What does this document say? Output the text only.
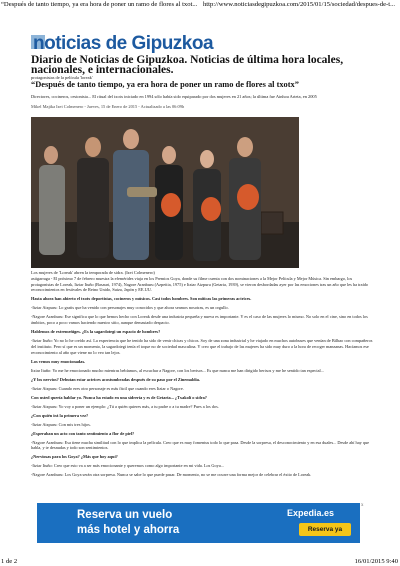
“Después de tanto tiempo, ya era hora de poner un ramo de flores al txot... http://www.noticiasdegipuzkoa.com/2015/01/15/sociedad/despues-de-t...
noticias de Gipuzkoa
Diario de Noticias de Gipuzkoa. Noticias de última hora locales, nacionales, e internacionales.
protagonistas de la película 'loreak'
“Después de tanto tiempo, ya era hora de poner un ramo de flores al txotx”
Directores, cocineros, cestonista... El ritual del txotx iniciado en 1994 sólo había sido equiparado por dos mujeres en 21 años; la última fue Ainhoa Arteta, en 2005
Mikel Majika Izei Colmenero - Jueves, 15 de Enero de 2015 - Actualizado a las 06:09h
Los mujeres de 'Loreak' abren la temporada de sidra. (Izei Colmenero)

astigarraga - El próximo 7 de febrero muestra la efemérides viaja en los Premios Goya, donde su filme cuenta con dos nominaciones a la Mejor Película y Mejor Música. Sin embargo, los protagonistas de Loreak, Itziar Ituño (Basauri, 1974), Nagore Aranburu (Azpeitia, 1975) e Itziar Aizpuru (Getaria, 1939), se vieron desbordadas ayer por las emociones tras un año que les ha traído reconocimientos en festivales de Reino Unido, Suiza, Japón y EE.UU.

Hasta ahora han abierto el txotx deportistas, cocineros y músicos. Casi todos hombres. Son míticas las primeras actrices.

-Itziar Aizpuru: Lo gratis que ha venido con personajes muy conocidos y que ahora seamos nosotras, es un orgullo.

-Nagore Aranburu: Ese significa que lo que hemos hecho con Loreak desde una industria pequeña y nueva es importante. Y es el caso de las mujeres lo mismo. No solo en el cine, sino en todos los ámbitos, poco a poco vamos haciendo nuestro sitio, aunque demasiado despacio.

Hablemos de extremeñiges. ¿Es la sagardotegi un espacio de hombres?

-Itziar Ituño: Yo no lo he creído así. La experiencia que he tenido ha sido de venir chicas y chicos. Soy de una zona industrial y he viajado en muchos autobuses que venían de Bilbao con compañeros del instituto. Pero sí que es un momento, la sagardotegi tenía el toque no de sociedad masculina. Y creo que el trabajo de las mujeres ha sido muy duro a la hora de recoger manzanas. Hacíamos ese reconocimiento al año que viene no lo veo tan lejos.

Los vemos muy emocionadas.

Itziar Ituño: Yo me he emocionado mucho mientras bebíamos, al escuchar a Nagore, con los bertsos... Es que nunca me han dirigido bertsos y me he sentido tan especial...

¿Y los nervios? Debutan estar actrices acostumbradas después de su paso por el Zinemaldia.

-Itziar Aizpuru: Cuando eres otro personaje es más fácil que cuando eres Itziar o Nagore.

Con usted quería hablar yo. Nunca ha estado en una sidrería y es de Getaria... ¿Txakolí o sidra?

-Itziar Aizpuru: Yo voy a poner un ejemplo: ¿Tú a quién quieres más, a tu padre o a tu madre? Pues a los dos.

¿Con quién irá la primera vez?

-Itziar Aizpuru: Con mis tres hijos.

¿Esperaban un acto con tanto sentimiento a flor de piel?

-Nagore Aranburu: Esa tiene mucha similitud con lo que implica la película. Creo que es muy fomentus todo lo que pasa. Desde la sorpresa, el desconocimiento y en esa duales... Desde ahí hay que habla, y te desnudas y todo son sentimientos.

¿Nerviosas para los Goya? ¿Más que hoy aquí?

-Itziar Ituño: Creo que esto va a ser más emocionante y queremos como algo importante en mi vida. Los Goya...

-Nagore Aranburu: Los Goya serán otra sorpresa. Nunca se sabe lo que puede pasar. De momento, no se me ocurre una forma mejor de celebrar el éxito de Loreak.

Reserva un vuelo
más hotel y ahorra
Expedia.es
Reserva ya
x
1 de 2	16/01/2015 9:40
